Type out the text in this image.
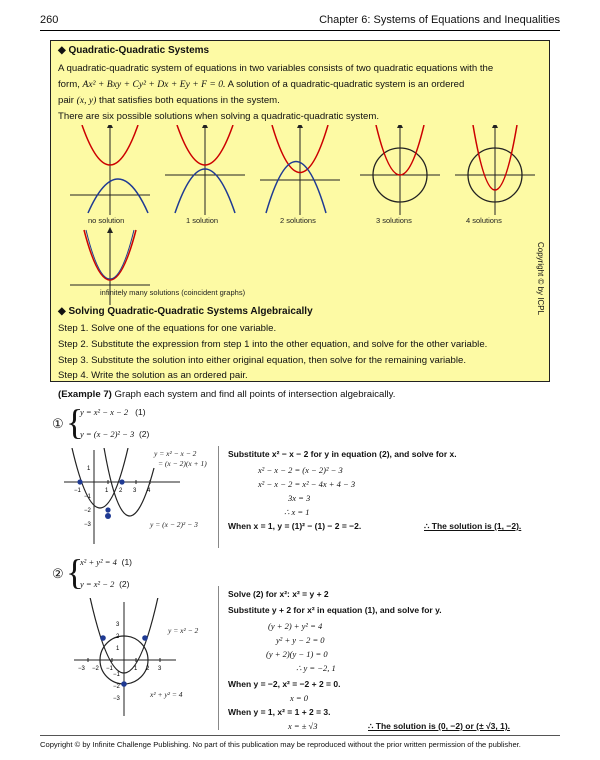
260	Chapter 6: Systems of Equations and Inequalities
◆ Quadratic-Quadratic Systems
A quadratic-quadratic system of equations in two variables consists of two quadratic equations with the
form, Ax² + Bxy + Cy² + Dx + Ey + F = 0. A solution of a quadratic-quadratic system is an ordered
pair (x, y) that satisfies both equations in the system.
There are six possible solutions when solving a quadratic-quadratic system.
no solution	1 solution	2 solutions	3 solutions	4 solutions
infinitely many solutions (coincident graphs)	Copyright © by ICPL
◆ Solving Quadratic-Quadratic Systems Algebraically
Step 1. Solve one of the equations for one variable.
Step 2. Substitute the expression from step 1 into the other equation, and solve for the other variable.
Step 3. Substitute the solution into either original equation, then solve for the remaining variable.
Step 4. Write the solution as an ordered pair.
(Example 7) Graph each system and find all points of intersection algebraically.
① {
y = x² − x − 2 (1)
y = (x − 2)² − 3 (2)
−1	1 2 3 4
1
−1
−2
−3
y = x² − x − 2
= (x − 2)(x + 1)
y = (x − 2)² − 3
Substitute x² − x − 2 for y in equation (2), and solve for x.
x² − x − 2 = (x − 2)² − 3
x² − x − 2 = x² − 4x + 4 − 3
3x = 3
∴ x = 1
When x = 1, y = (1)² − (1) − 2 = −2.	∴ The solution is (1, −2).
② {
x² + y² = 4 (1)
y = x² − 2 (2)
−3 −2 −1	1 2 3
3
2
1
−1
−2
−3
y = x² − 2
x² + y² = 4
Solve (2) for x²: x² = y + 2
Substitute y + 2 for x² in equation (1), and solve for y.
(y + 2) + y² = 4
y² + y − 2 = 0
(y + 2)(y − 1) = 0
∴ y = −2, 1
When y = −2, x² = −2 + 2 = 0.
x = 0
When y = 1, x² = 1 + 2 = 3.
x = ± √3	∴ The solution is (0, −2) or (± √3, 1).
Copyright © by Infinite Challenge Publishing. No part of this publication may be reproduced without the prior written permission of the publisher.
